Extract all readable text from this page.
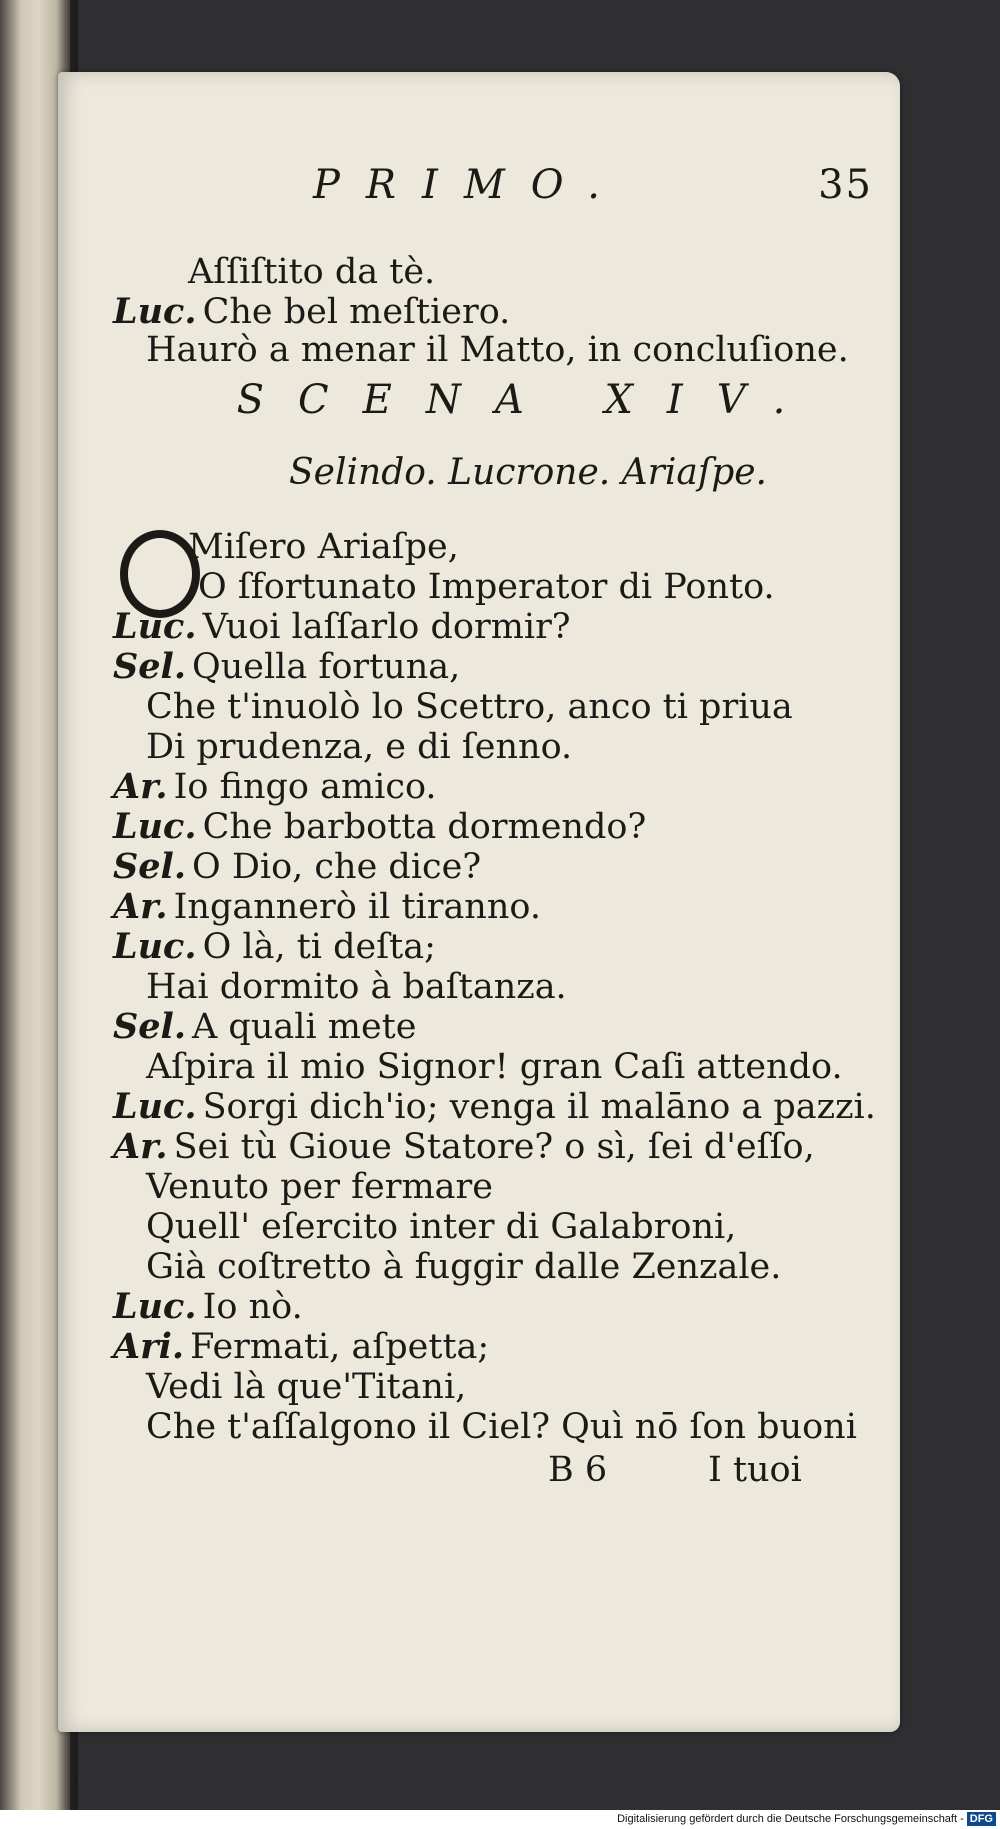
PRIMO.	35
Aſſiſtito da tè.
Luc. Che bel meſtiero.
Haurò a menar il Matto, in concluſione.
SCENA XIV.
Selindo. Lucrone. Ariaſpe.
Miſero Ariaſpe,
O ſfortunato Imperator di Ponto.
Luc. Vuoi laſſarlo dormir?
Sel. Quella fortuna,
Che t'inuolò lo Scettro, anco ti priua
Di prudenza, e di ſenno.
Ar. Io fingo amico.
Luc. Che barbotta dormendo?
Sel. O Dio, che dice?
Ar. Ingannerò il tiranno.
Luc. O là, ti deſta;
Hai dormito à baſtanza.
Sel. A quali mete
Aſpira il mio Signor! gran Caſi attendo.
Luc. Sorgi dich'io; venga il malāno a pazzi.
Ar. Sei tù Gioue Statore? o sì, ſei d'eſſo,
Venuto per fermare
Quell' eſercito inter di Galabroni,
Già coſtretto à fuggir dalle Zenzale.
Luc. Io nò.
Ari. Fermati, aſpetta;
Vedi là que'Titani,
Che t'aſſalgono il Ciel? Quì nō ſon buoni
B 6	I tuoi
Digitalisierung gefördert durch die Deutsche Forschungsgemeinschaft - DFG
